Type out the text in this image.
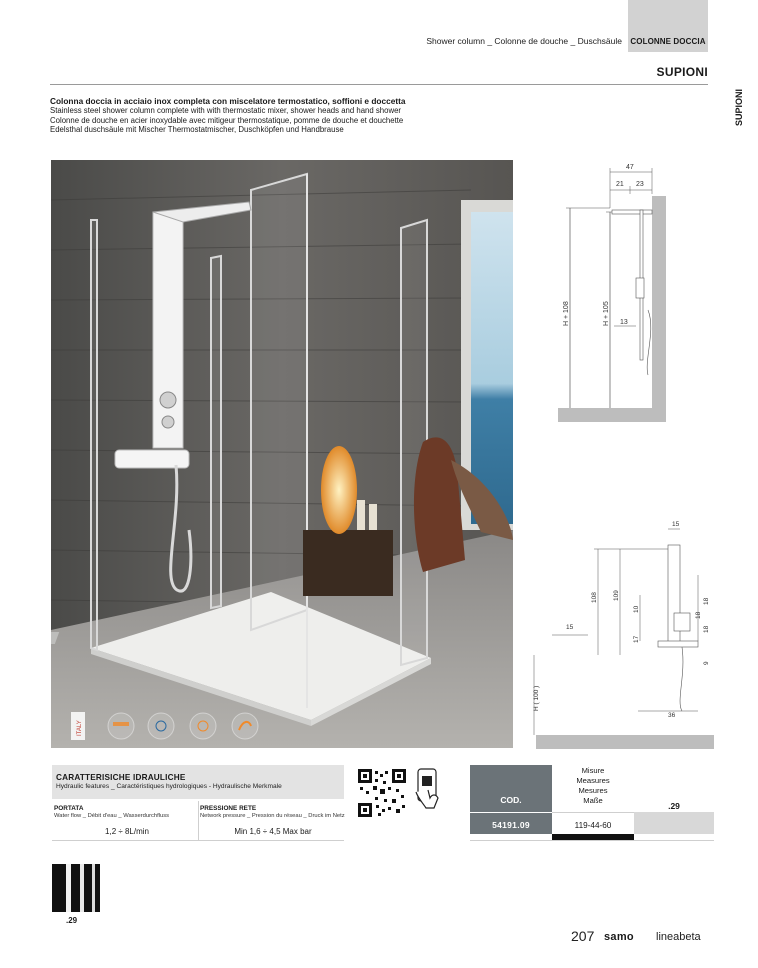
Shower column _ Colonne de douche _ Duschsäule COLONNE DOCCIA
SUPIONI
SUPIONI
Colonna doccia in acciaio inox completa con miscelatore termostatico, soffioni e doccetta
Stainless steel shower column complete with with thermostatic mixer, shower heads and hand shower
Colonne de douche en acier inoxydable avec mitigeur thermostatique, pomme de douche et douchette
Edelsthal duschsäule mit Mischer Thermostatmischer, Duschköpfen und Handbrause
ITALY
47
21 23
13
H + 108	H + 105
15
108 109
10
17
15
18
18
18
9
36
H ( 100 )
CARATTERISICHE IDRAULICHE
Hydraulic features _ Caractéristiques hydrologiques - Hydraulische Merkmale
PORTATA
Water flow _ Débit d'eau _ Wasserdurchfluss
1,2 ÷ 8L/min
PRESSIONE RETE
Network pressure _ Pression du réseau _ Druck im Netz
Min 1,6 ÷ 4,5 Max bar
COD.
54191.09
Misure
Measures
Mesures
Maße
119-44-60
.29
.29
207 samo lineabeta
